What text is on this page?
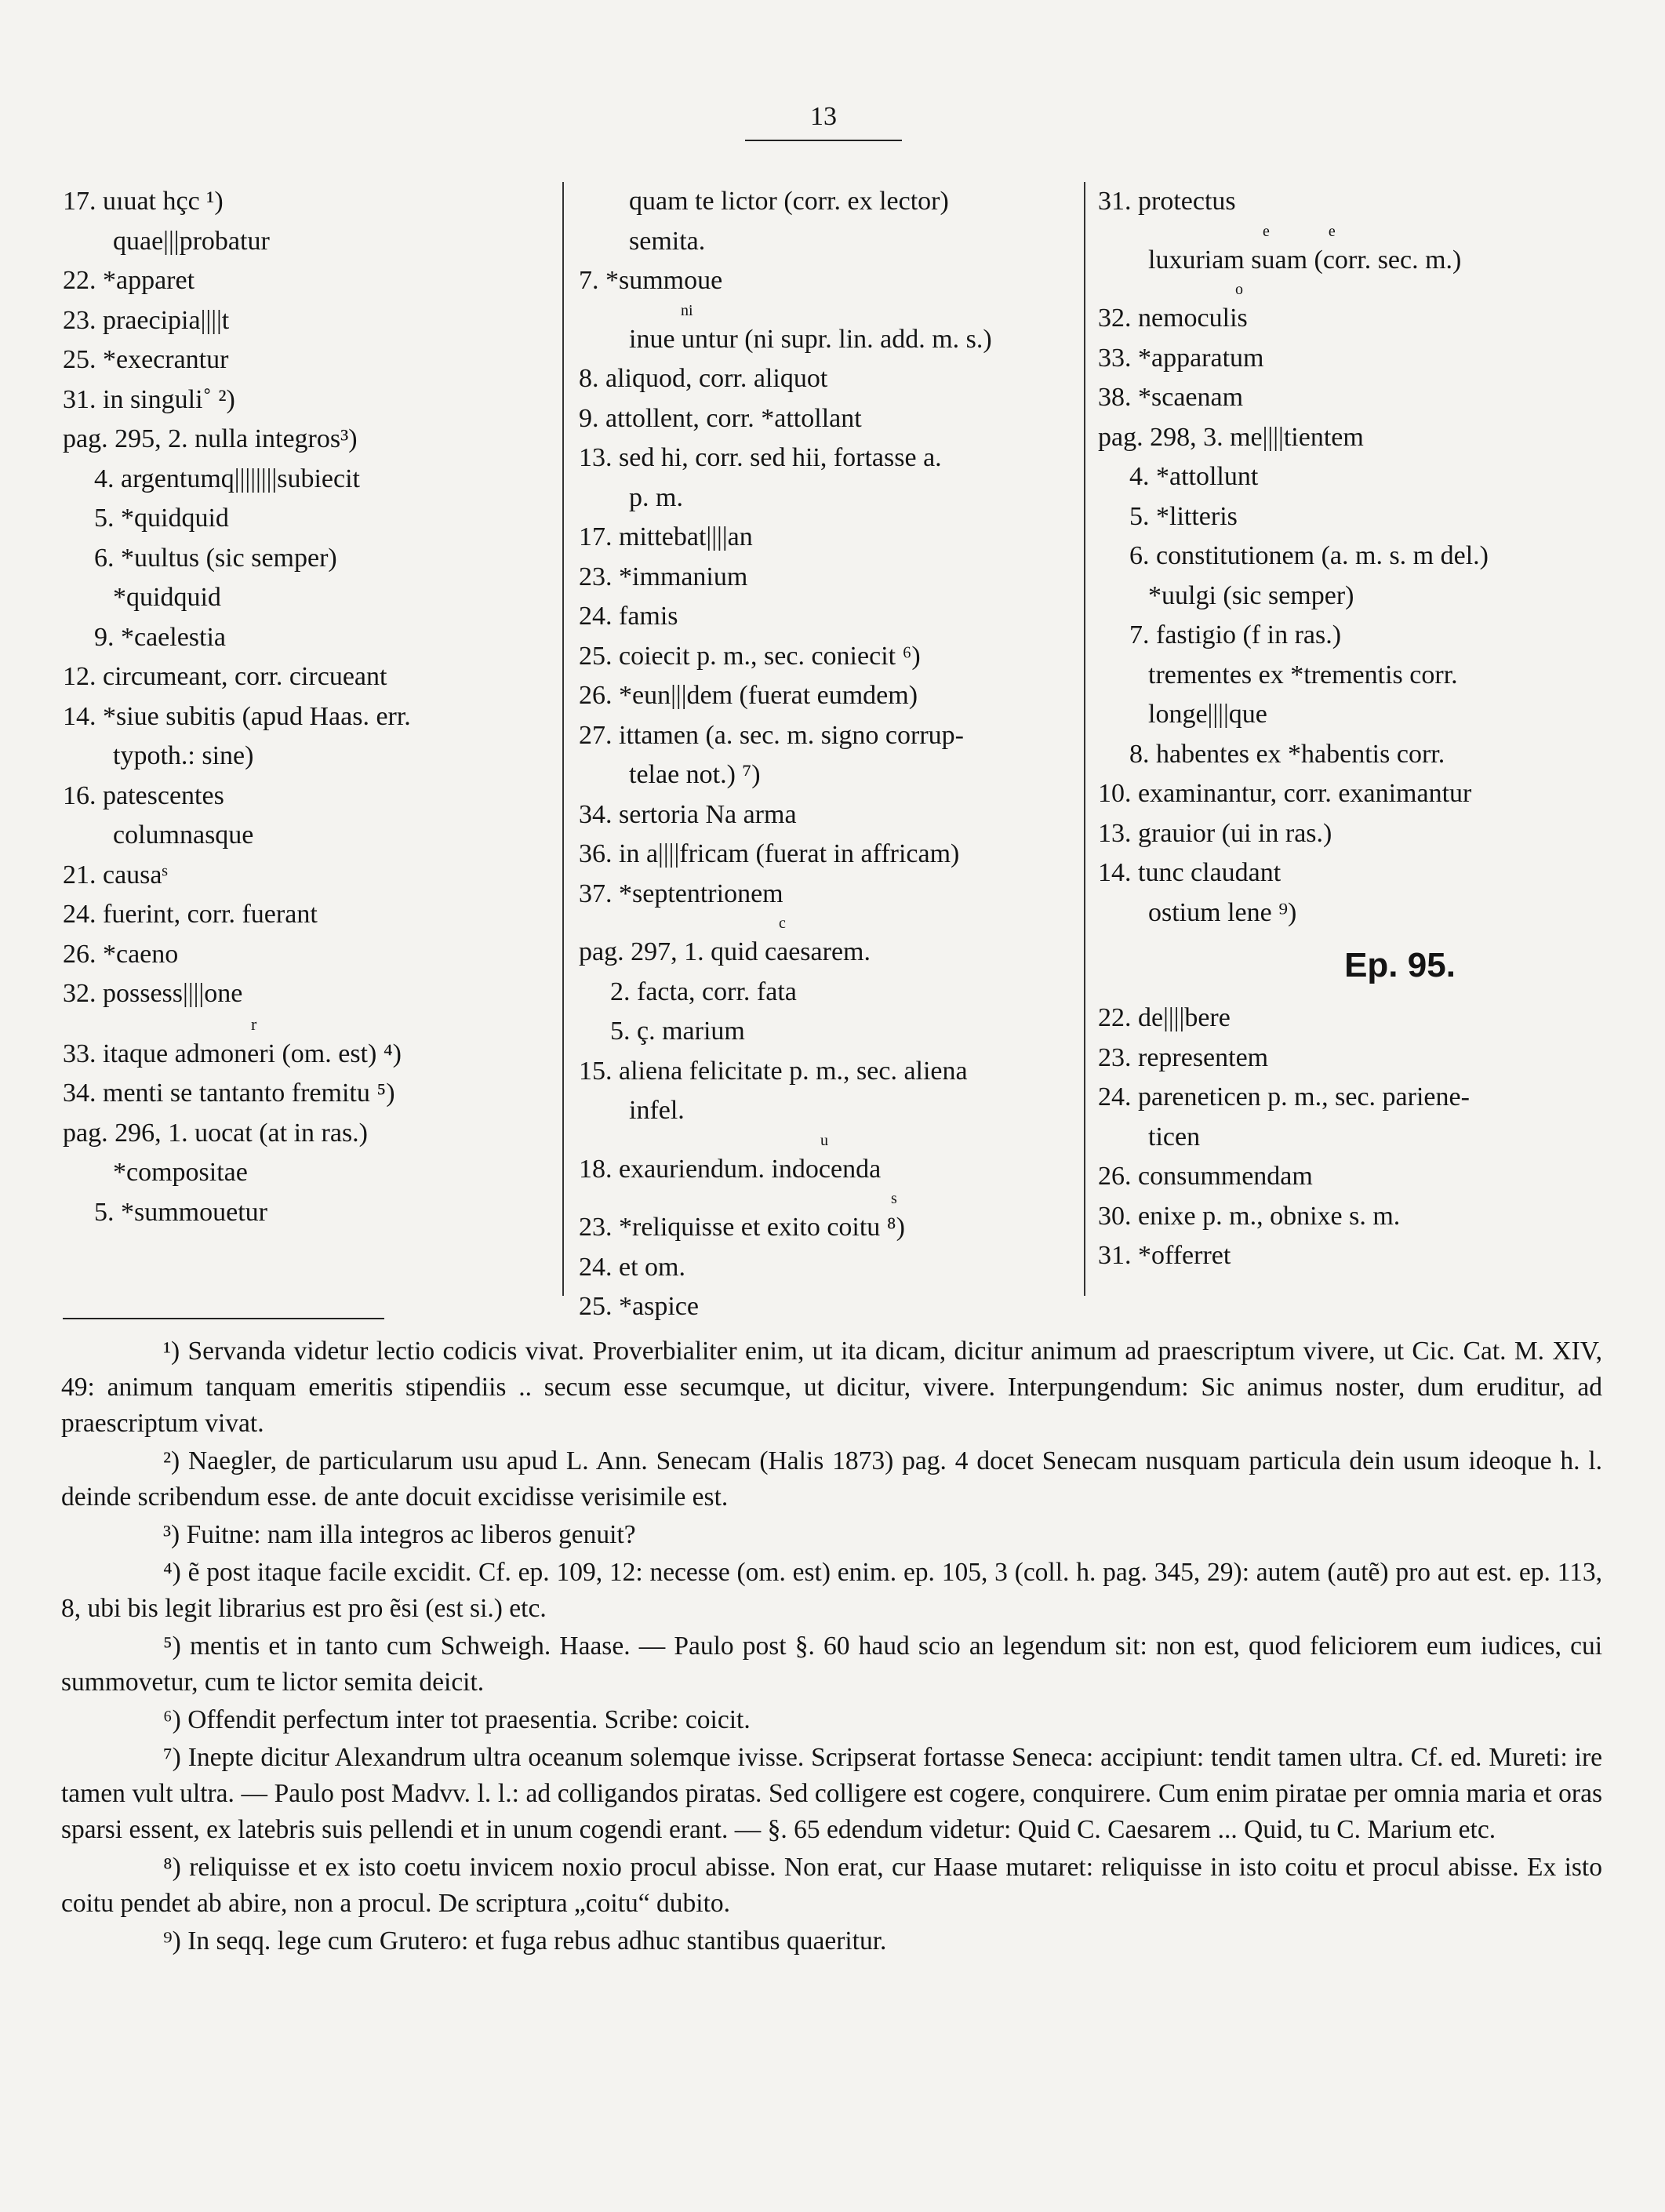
13
17. uıuat hçc ¹)
quae|||probatur
22. *apparet
23. praecipia||||t
25. *execrantur
31. in singuli˚ ²)
pag. 295, 2. nulla integros³)
4. argentumq||||||||subiecit
5. *quidquid
6. *uultus (sic semper)
*quidquid
9. *caelestia
12. circumeant, corr. circueant
14. *siue subitis (apud Haas. err.
typoth.: sine)
16. patescentes
columnasque
21. causaˢ
24. fuerint, corr. fuerant
26. *caeno
32. possess||||one
r
33. itaque admoneri (om. est) ⁴)
34. menti se tantanto fremitu ⁵)
pag. 296, 1. uocat (at in ras.)
*compositae
5. *summouetur
quam te lictor (corr. ex lector)
semita.
7. *summoue
ni
inue untur (ni supr. lin. add. m. s.)
8. aliquod, corr. aliquot
9. attollent, corr. *attollant
13. sed hi, corr. sed hii, fortasse a.
p. m.
17. mittebat||||an
23. *immanium
24. famis
25. coiecit p. m., sec. coniecit ⁶)
26. *eun|||dem (fuerat eumdem)
27. ittamen (a. sec. m. signo corrup-
telae not.) ⁷)
34. sertoria Na arma
36. in a||||fricam (fuerat in affricam)
37. *septentrionem
c
pag. 297, 1. quid caesarem.
2. facta, corr. fata
5. ç. marium
15. aliena felicitate p. m., sec. aliena
infel.
u
18. exauriendum. indocenda
s
23. *reliquisse et exito coitu ⁸)
24. et om.
25. *aspice
31. protectus
e e
luxuriam suam (corr. sec. m.)
o
32. nemoculis
33. *apparatum
38. *scaenam
pag. 298, 3. me||||tientem
4. *attollunt
5. *litteris
6. constitutionem (a. m. s. m del.)
*uulgi (sic semper)
7. fastigio (f in ras.)
trementes ex *trementis corr.
longe||||que
8. habentes ex *habentis corr.
10. examinantur, corr. exanimantur
13. grauior (ui in ras.)
14. tunc claudant
ostium lene ⁹)
Ep. 95.
22. de||||bere
23. representem
24. pareneticen p. m., sec. pariene-
ticen
26. consummendam
30. enixe p. m., obnixe s. m.
31. *offerret

¹) Servanda videtur lectio codicis vivat. Proverbialiter enim, ut ita dicam, dicitur animum ad praescriptum vivere, ut Cic. Cat. M. XIV, 49: animum tanquam emeritis stipendiis .. secum esse secumque, ut dicitur, vivere. Interpungendum: Sic animus noster, dum eruditur, ad praescriptum vivat.

²) Naegler, de particularum usu apud L. Ann. Senecam (Halis 1873) pag. 4 docet Senecam nusquam particula dein usum ideoque h. l. deinde scribendum esse. de ante docuit excidisse verisimile est.

³) Fuitne: nam illa integros ac liberos genuit?

⁴) ẽ post itaque facile excidit. Cf. ep. 109, 12: necesse (om. est) enim. ep. 105, 3 (coll. h. pag. 345, 29): autem (autẽ) pro aut est. ep. 113, 8, ubi bis legit librarius est pro ẽsi (est si.) etc.

⁵) mentis et in tanto cum Schweigh. Haase. — Paulo post §. 60 haud scio an legendum sit: non est, quod feliciorem eum iudices, cui summovetur, cum te lictor semita deicit.

⁶) Offendit perfectum inter tot praesentia. Scribe: coicit.

⁷) Inepte dicitur Alexandrum ultra oceanum solemque ivisse. Scripserat fortasse Seneca: accipiunt: tendit tamen ultra. Cf. ed. Mureti: ire tamen vult ultra. — Paulo post Madvv. l. l.: ad colligandos piratas. Sed colligere est cogere, conquirere. Cum enim piratae per omnia maria et oras sparsi essent, ex latebris suis pellendi et in unum cogendi erant. — §. 65 edendum videtur: Quid C. Caesarem ... Quid, tu C. Marium etc.

⁸) reliquisse et ex isto coetu invicem noxio procul abisse. Non erat, cur Haase mutaret: reliquisse in isto coitu et procul abisse. Ex isto coitu pendet ab abire, non a procul. De scriptura „coitu“ dubito.

⁹) In seqq. lege cum Grutero: et fuga rebus adhuc stantibus quaeritur.
